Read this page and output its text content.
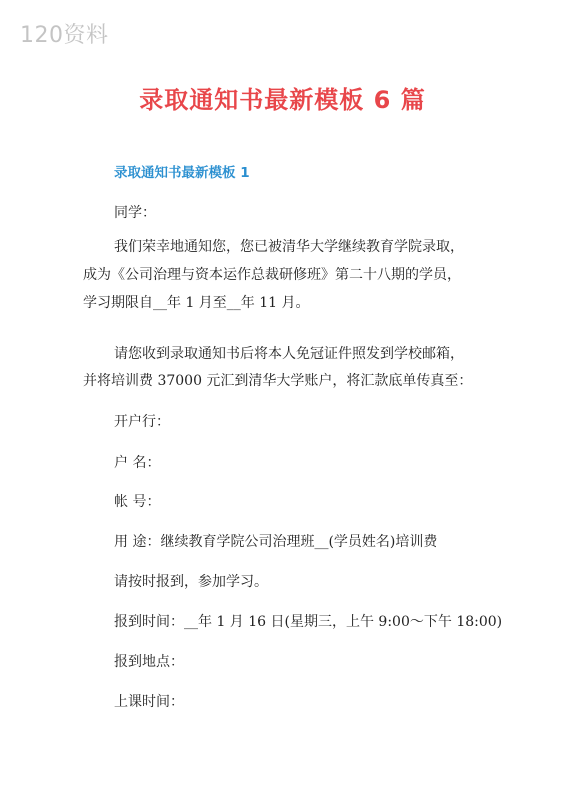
120资料
录取通知书最新模板 6 篇
录取通知书最新模板 1
同学：
我们荣幸地通知您，您已被清华大学继续教育学院录取，
成为《公司治理与资本运作总裁研修班》第二十八期的学员，
学习期限自__年 1 月至__年 11 月。
请您收到录取通知书后将本人免冠证件照发到学校邮箱，
并将培训费 37000 元汇到清华大学账户，将汇款底单传真至：
开户行：
户 名：
帐 号：
用 途：继续教育学院公司治理班__(学员姓名)培训费
请按时报到，参加学习。
报到时间：__年 1 月 16 日(星期三，上午 9:00～下午 18:00)
报到地点：
上课时间：
